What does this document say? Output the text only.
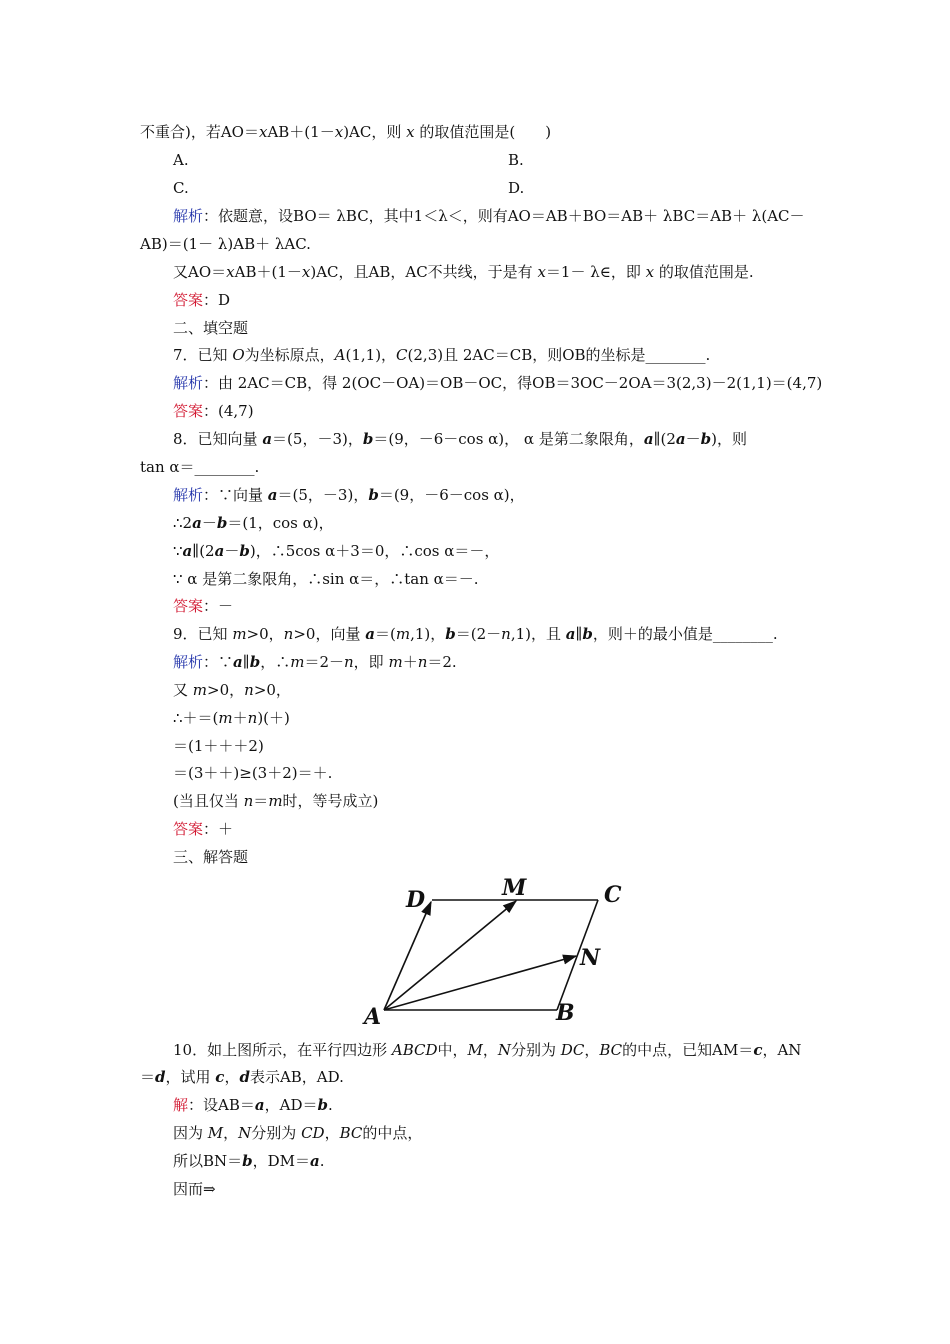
不重合)，若AO＝xAB＋(1－x)AC，则 x 的取值范围是(　　)
A.	B.
C.	D.
解析：依题意，设BO＝ λBC，其中1＜λ＜，则有AO＝AB＋BO＝AB＋ λBC＝AB＋ λ(AC－
AB)＝(1－ λ)AB＋ λAC.
又AO＝xAB＋(1－x)AC，且AB，AC不共线，于是有 x＝1－ λ∈，即 x 的取值范围是.
答案：D
二、填空题
7．已知 O为坐标原点，A(1,1)，C(2,3)且 2AC＝CB，则OB的坐标是________.
解析：由 2AC＝CB，得 2(OC－OA)＝OB－OC，得OB＝3OC－2OA＝3(2,3)－2(1,1)＝(4,7)
答案：(4,7)
8．已知向量 a＝(5，－3)，b＝(9，－6－cos α)， α 是第二象限角，a∥(2a－b)，则
tan α＝________.
解析：∵向量 a＝(5，－3)，b＝(9，－6－cos α)，
∴2a－b＝(1，cos α)，
∵a∥(2a－b)，∴5cos α＋3＝0，∴cos α＝－，
∵ α 是第二象限角，∴sin α＝，∴tan α＝－.
答案：－
9．已知 m>0，n>0，向量 a＝(m,1)，b＝(2－n,1)，且 a∥b，则＋的最小值是________.
解析：∵a∥b，∴m＝2－n，即 m＋n＝2.
又 m>0，n>0，
∴＋＝(m＋n)(＋)
＝(1＋＋＋2)
＝(3＋＋)≥(3＋2)＝＋.
(当且仅当 n＝m时，等号成立)
答案：＋
三、解答题
10．如上图所示，在平行四边形 ABCD中，M，N分别为 DC，BC的中点，已知AM＝c，AN
＝d，试用 c，d表示AB，AD.
解：设AB＝a，AD＝b.
因为 M，N分别为 CD，BC的中点，
所以BN＝b，DM＝a.
因而⇒
A	B
C
D	M
N
